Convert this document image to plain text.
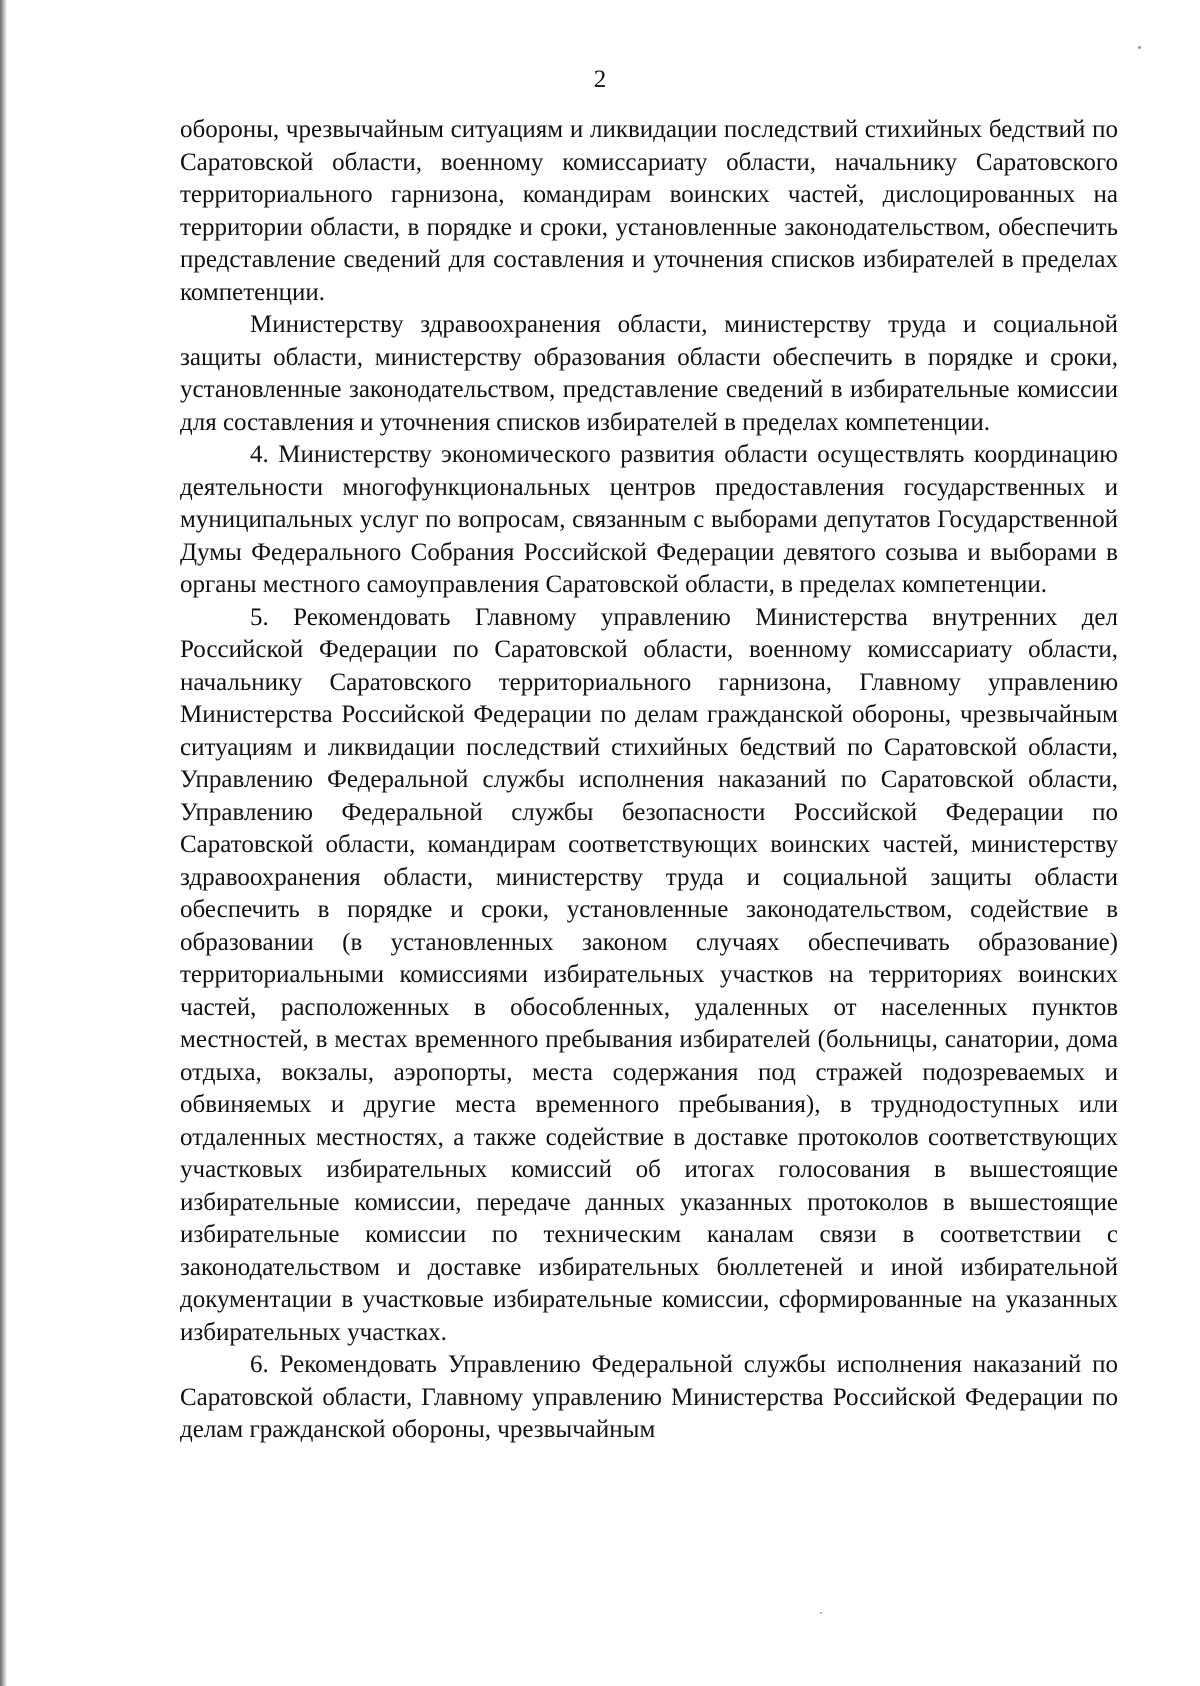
2

обороны, чрезвычайным ситуациям и ликвидации последствий стихийных бедствий по Саратовской области, военному комиссариату области, начальнику Саратовского территориального гарнизона, командирам воинских частей, дислоцированных на территории области, в порядке и сроки, установленные законодательством, обеспечить представление сведений для составления и уточнения списков избирателей в пределах компетенции.

Министерству здравоохранения области, министерству труда и социальной защиты области, министерству образования области обеспечить в порядке и сроки, установленные законодательством, представление сведений в избирательные комиссии для составления и уточнения списков избирателей в пределах компетенции.

4. Министерству экономического развития области осуществлять координацию деятельности многофункциональных центров предоставления государственных и муниципальных услуг по вопросам, связанным с выборами депутатов Государственной Думы Федерального Собрания Российской Федерации девятого созыва и выборами в органы местного самоуправления Саратовской области, в пределах компетенции.

5. Рекомендовать Главному управлению Министерства внутренних дел Российской Федерации по Саратовской области, военному комиссариату области, начальнику Саратовского территориального гарнизона, Главному управлению Министерства Российской Федерации по делам гражданской обороны, чрезвычайным ситуациям и ликвидации последствий стихийных бедствий по Саратовской области, Управлению Федеральной службы исполнения наказаний по Саратовской области, Управлению Федеральной службы безопасности Российской Федерации по Саратовской области, командирам соответствующих воинских частей, министерству здравоохранения области, министерству труда и социальной защиты области обеспечить в порядке и сроки, установленные законодательством, содействие в образовании (в установленных законом случаях обеспечивать образование) территориальными комиссиями избирательных участков на территориях воинских частей, расположенных в обособленных, удаленных от населенных пунктов местностей, в местах временного пребывания избирателей (больницы, санатории, дома отдыха, вокзалы, аэропорты, места содержания под стражей подозреваемых и обвиняемых и другие места временного пребывания), в труднодоступных или отдаленных местностях, а также содействие в доставке протоколов соответствующих участковых избирательных комиссий об итогах голосования в вышестоящие избирательные комиссии, передаче данных указанных протоколов в вышестоящие избирательные комиссии по техническим каналам связи в соответствии с законодательством и доставке избирательных бюллетеней и иной избирательной документации в участковые избирательные комиссии, сформированные на указанных избирательных участках.

6. Рекомендовать Управлению Федеральной службы исполнения наказаний по Саратовской области, Главному управлению Министерства Российской Федерации по делам гражданской обороны, чрезвычайным
